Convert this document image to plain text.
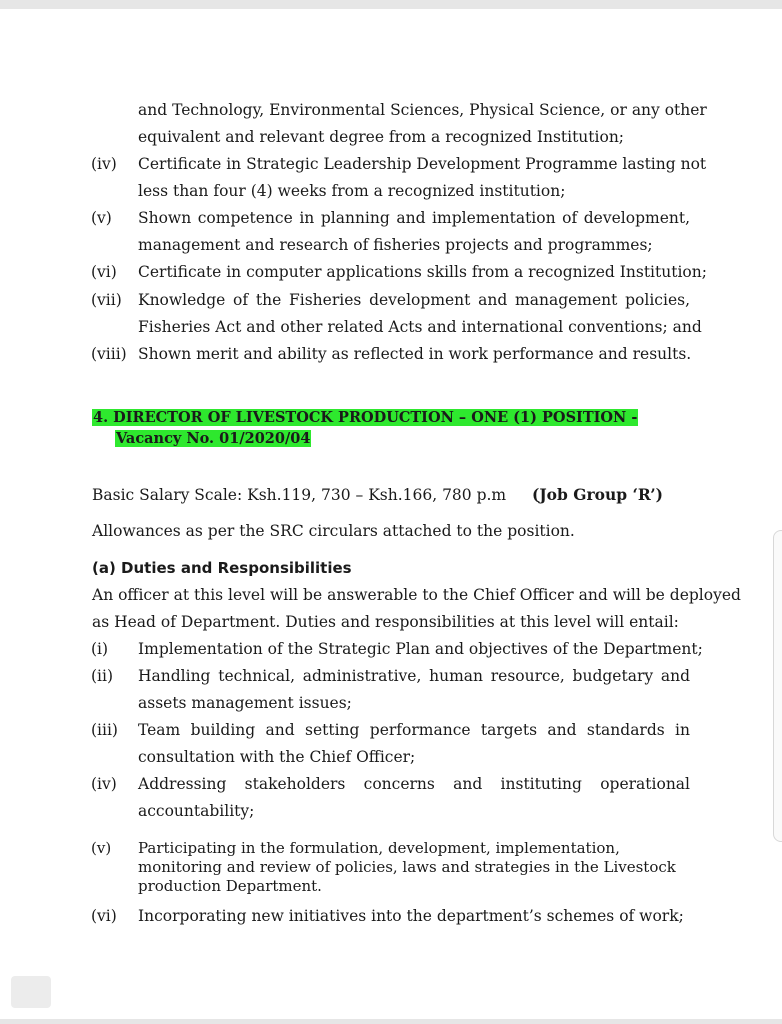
and Technology, Environmental Sciences, Physical Science, or any other
equivalent and relevant degree from a recognized Institution;
(iv) Certificate in Strategic Leadership Development Programme lasting not
less than four (4) weeks from a recognized institution;
(v) Shown competence in planning and implementation of development,
management and research of fisheries projects and programmes;
(vi) Certificate in computer applications skills from a recognized Institution;
(vii) Knowledge of the Fisheries development and management policies,
Fisheries Act and other related Acts and international conventions; and
(viii) Shown merit and ability as reflected in work performance and results.
4. DIRECTOR OF LIVESTOCK PRODUCTION – ONE (1) POSITION -
Vacancy No. 01/2020/04
Basic Salary Scale: Ksh.119, 730 – Ksh.166, 780 p.m (Job Group ‘R’)
Allowances as per the SRC circulars attached to the position.
(a) Duties and Responsibilities
An officer at this level will be answerable to the Chief Officer and will be deployed
as Head of Department. Duties and responsibilities at this level will entail:
(i) Implementation of the Strategic Plan and objectives of the Department;
(ii) Handling technical, administrative, human resource, budgetary and
assets management issues;
(iii) Team building and setting performance targets and standards in
consultation with the Chief Officer;
(iv) Addressing stakeholders concerns and instituting operational
accountability;
(v) Participating in the formulation, development, implementation,
monitoring and review of policies, laws and strategies in the Livestock
production Department.
(vi) Incorporating new initiatives into the department’s schemes of work;
